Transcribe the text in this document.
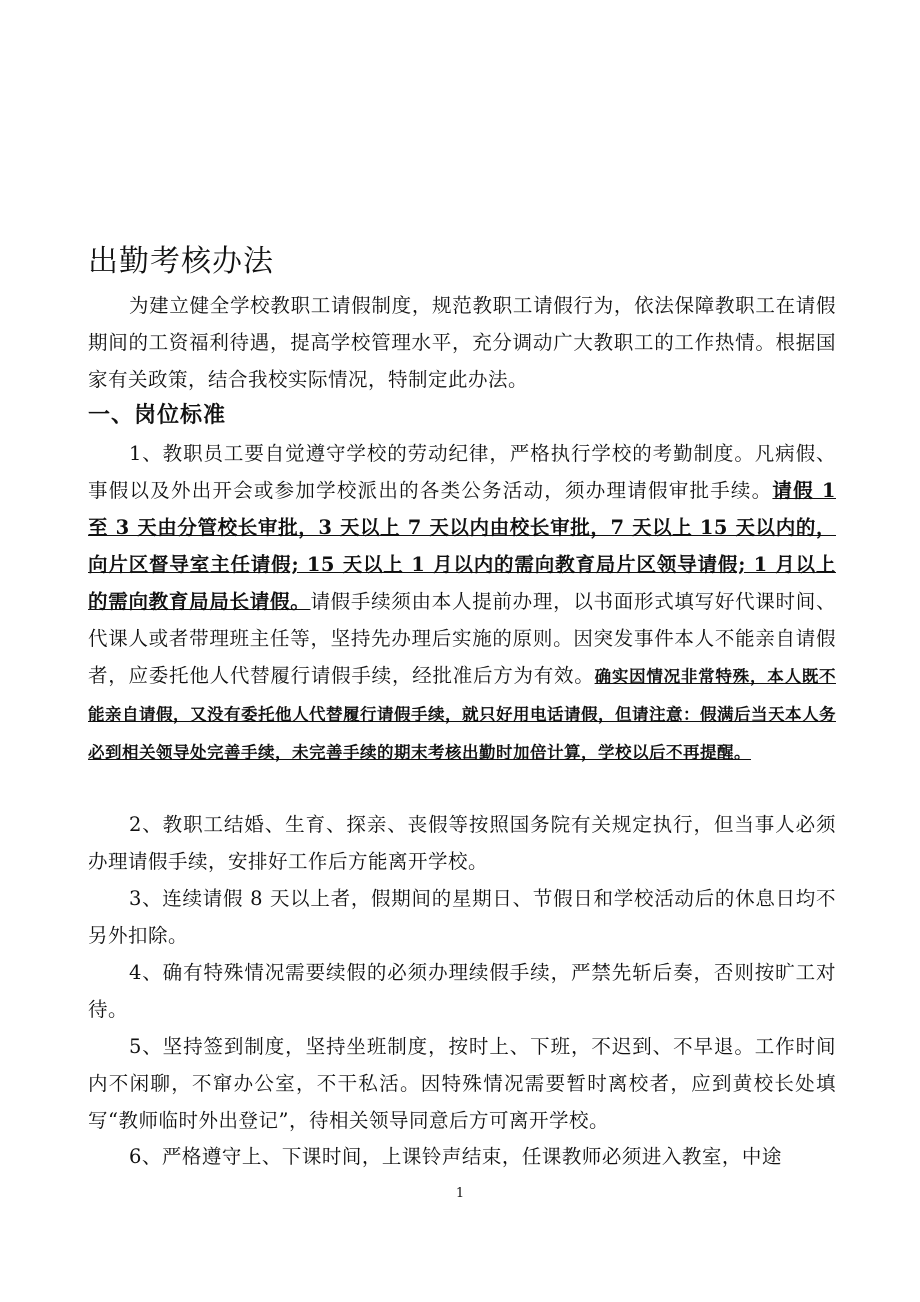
出勤考核办法
为建立健全学校教职工请假制度，规范教职工请假行为，依法保障教职工在请假期间的工资福利待遇，提高学校管理水平，充分调动广大教职工的工作热情。根据国家有关政策，结合我校实际情况，特制定此办法。
一、岗位标准
1、教职员工要自觉遵守学校的劳动纪律，严格执行学校的考勤制度。凡病假、事假以及外出开会或参加学校派出的各类公务活动，须办理请假审批手续。请假 1 至 3 天由分管校长审批，3 天以上 7 天以内由校长审批，7 天以上 15 天以内的，向片区督导室主任请假; 15 天以上 1 月以内的需向教育局片区领导请假; 1 月以上的需向教育局局长请假。请假手续须由本人提前办理，以书面形式填写好代课时间、代课人或者带理班主任等，坚持先办理后实施的原则。因突发事件本人不能亲自请假者，应委托他人代替履行请假手续，经批准后方为有效。确实因情况非常特殊，本人既不能亲自请假，又没有委托他人代替履行请假手续，就只好用电话请假，但请注意：假满后当天本人务必到相关领导处完善手续，未完善手续的期末考核出勤时加倍计算，学校以后不再提醒。
2、教职工结婚、生育、探亲、丧假等按照国务院有关规定执行，但当事人必须办理请假手续，安排好工作后方能离开学校。
3、连续请假 8 天以上者，假期间的星期日、节假日和学校活动后的休息日均不另外扣除。
4、确有特殊情况需要续假的必须办理续假手续，严禁先斩后奏，否则按旷工对待。
5、坚持签到制度，坚持坐班制度，按时上、下班，不迟到、不早退。工作时间内不闲聊，不窜办公室，不干私活。因特殊情况需要暂时离校者，应到黄校长处填写“教师临时外出登记”，待相关领导同意后方可离开学校。
6、严格遵守上、下课时间，上课铃声结束，任课教师必须进入教室，中途
1
